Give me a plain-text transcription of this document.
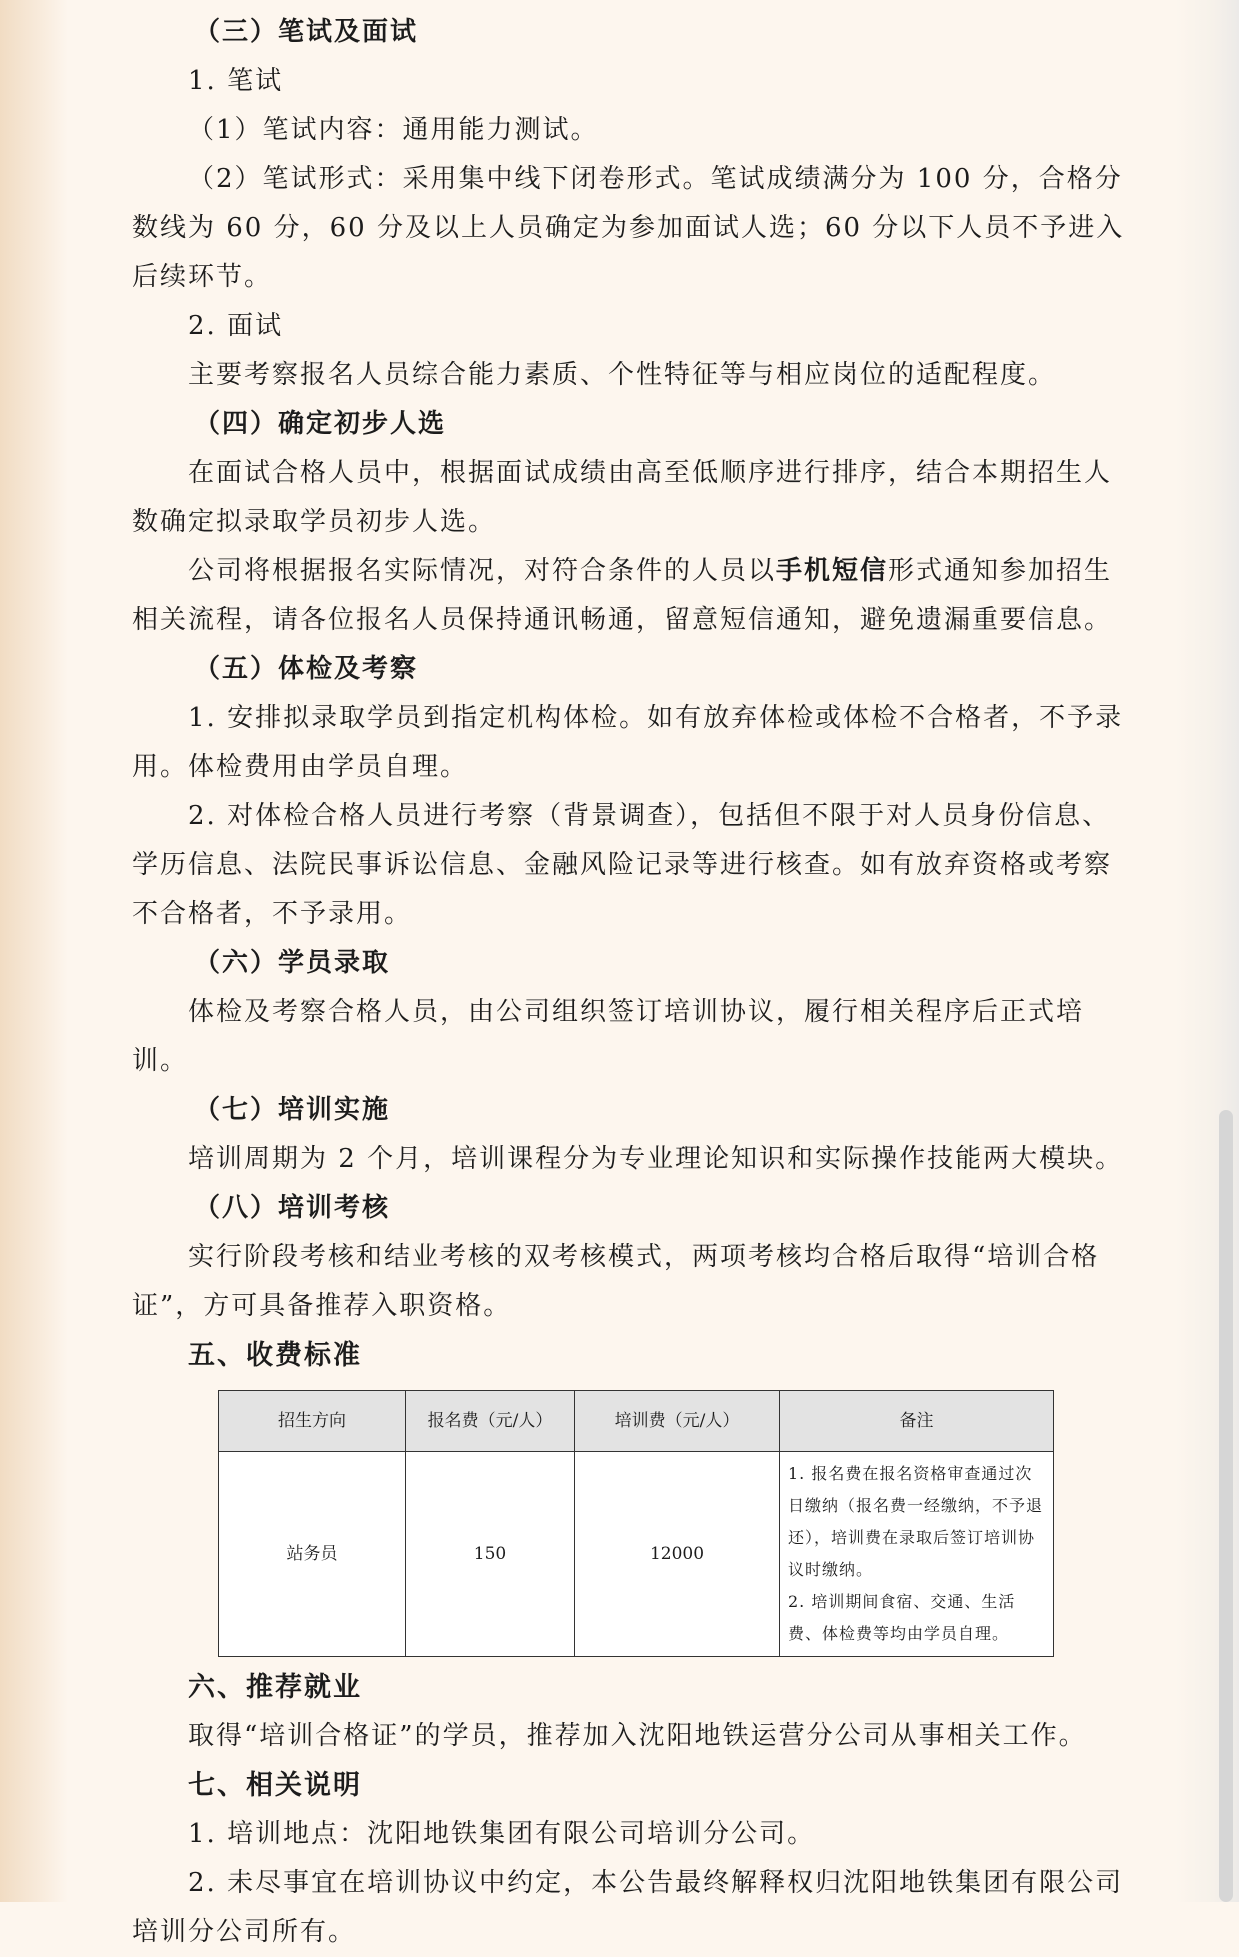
（三）笔试及面试

1. 笔试

（1）笔试内容：通用能力测试。

（2）笔试形式：采用集中线下闭卷形式。笔试成绩满分为 100 分，合格分数线为 60 分，60 分及以上人员确定为参加面试人选；60 分以下人员不予进入后续环节。

2. 面试

主要考察报名人员综合能力素质、个性特征等与相应岗位的适配程度。

（四）确定初步人选

在面试合格人员中，根据面试成绩由高至低顺序进行排序，结合本期招生人数确定拟录取学员初步人选。

公司将根据报名实际情况，对符合条件的人员以手机短信形式通知参加招生相关流程，请各位报名人员保持通讯畅通，留意短信通知，避免遗漏重要信息。

（五）体检及考察

1. 安排拟录取学员到指定机构体检。如有放弃体检或体检不合格者，不予录用。体检费用由学员自理。

2. 对体检合格人员进行考察（背景调查），包括但不限于对人员身份信息、学历信息、法院民事诉讼信息、金融风险记录等进行核查。如有放弃资格或考察不合格者，不予录用。

（六）学员录取

体检及考察合格人员，由公司组织签订培训协议，履行相关程序后正式培训。

（七）培训实施

培训周期为 2 个月，培训课程分为专业理论知识和实际操作技能两大模块。

（八）培训考核

实行阶段考核和结业考核的双考核模式，两项考核均合格后取得“培训合格证”，方可具备推荐入职资格。

五、收费标准

招生方向	报名费（元/人）	培训费（元/人）	备注
站务员	150	12000	1. 报名费在报名资格审查通过次日缴纳（报名费一经缴纳，不予退还），培训费在录取后签订培训协议时缴纳。
2. 培训期间食宿、交通、生活费、体检费等均由学员自理。

六、推荐就业

取得“培训合格证”的学员，推荐加入沈阳地铁运营分公司从事相关工作。

七、相关说明

1. 培训地点：沈阳地铁集团有限公司培训分公司。

2. 未尽事宜在培训协议中约定，本公告最终解释权归沈阳地铁集团有限公司培训分公司所有。
